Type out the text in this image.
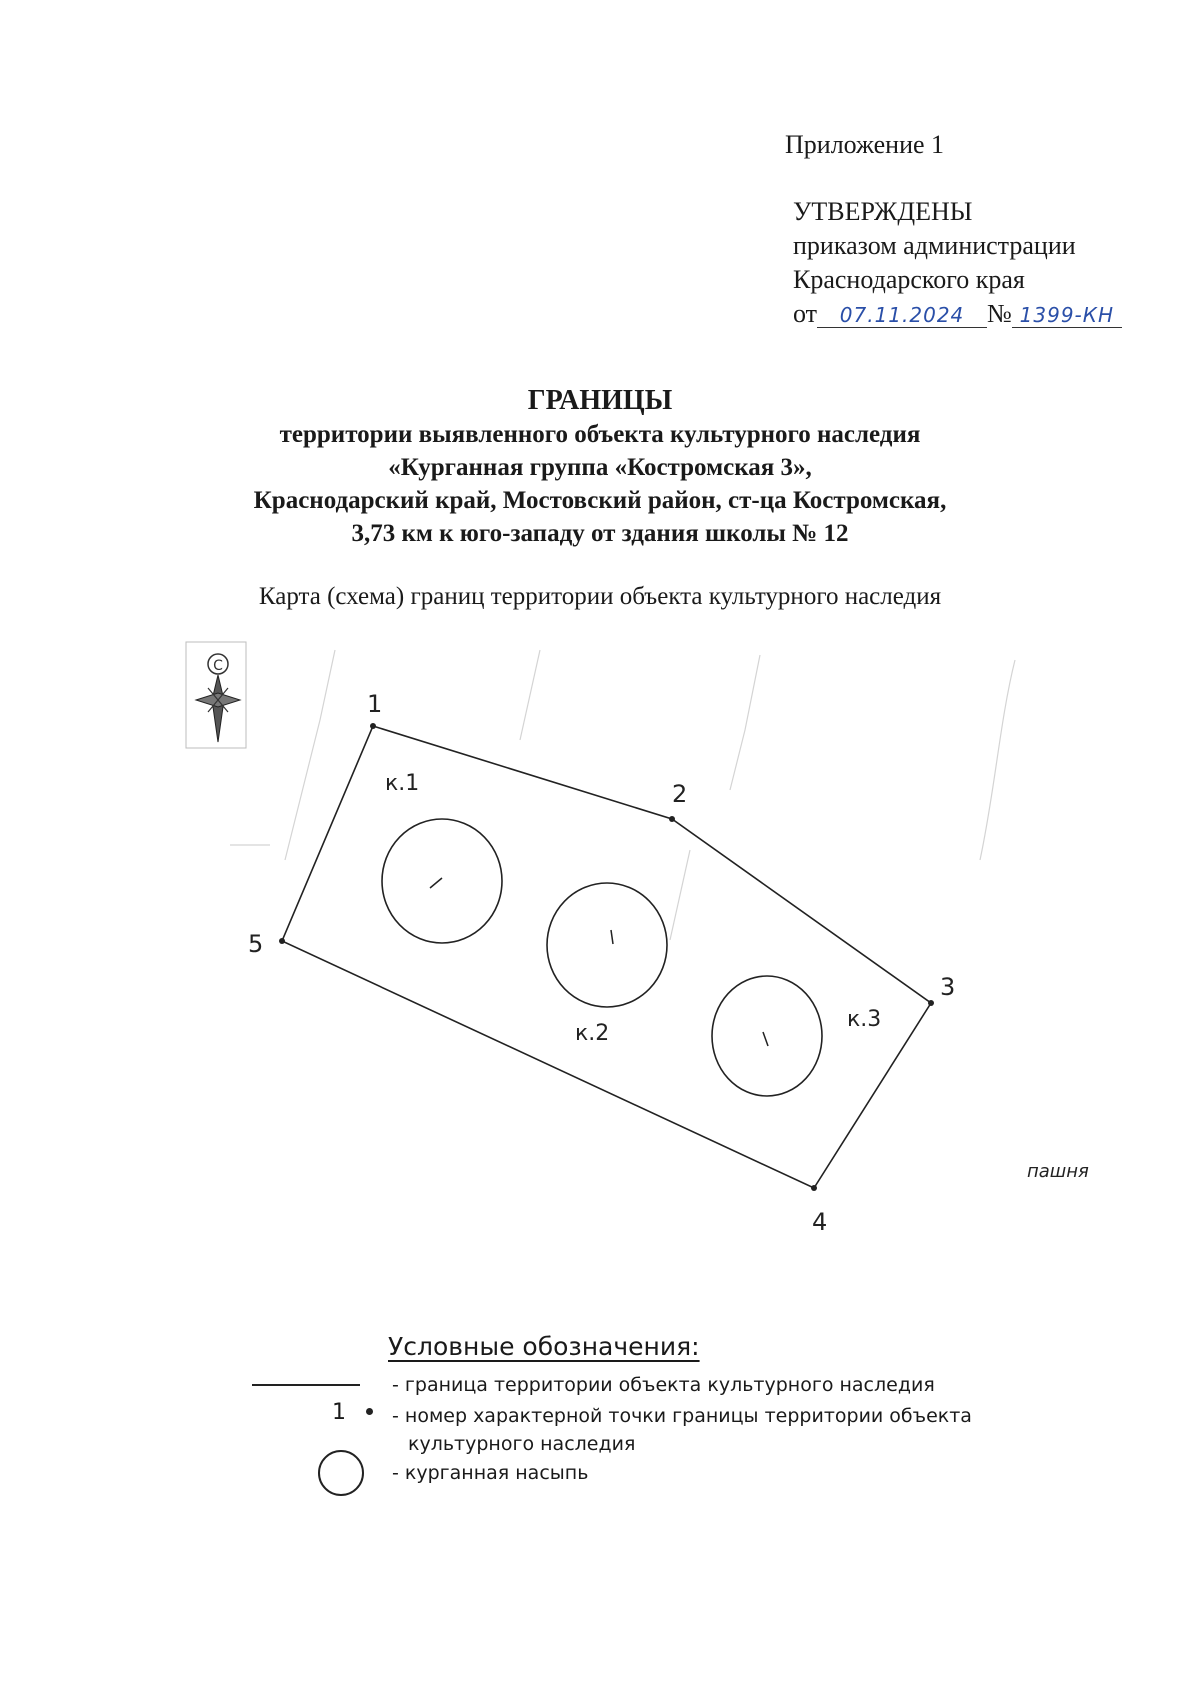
Приложение 1
УТВЕРЖДЕНЫ
приказом администрации
Краснодарского края
от 07.11.2024 № 1399-КН
ГРАНИЦЫ
территории выявленного объекта культурного наследия
«Курганная группа «Костромская 3»,
Краснодарский край, Мостовский район, ст-ца Костромская,
3,73 км к юго-западу от здания школы № 12
Карта (схема) границ территории объекта культурного наследия
С
1
2
3
4
5
к.1
к.2
к.3
пашня
Условные обозначения:
- граница территории объекта культурного наследия
1 - номер характерной точки границы территории объекта
культурного наследия
- курганная насыпь
